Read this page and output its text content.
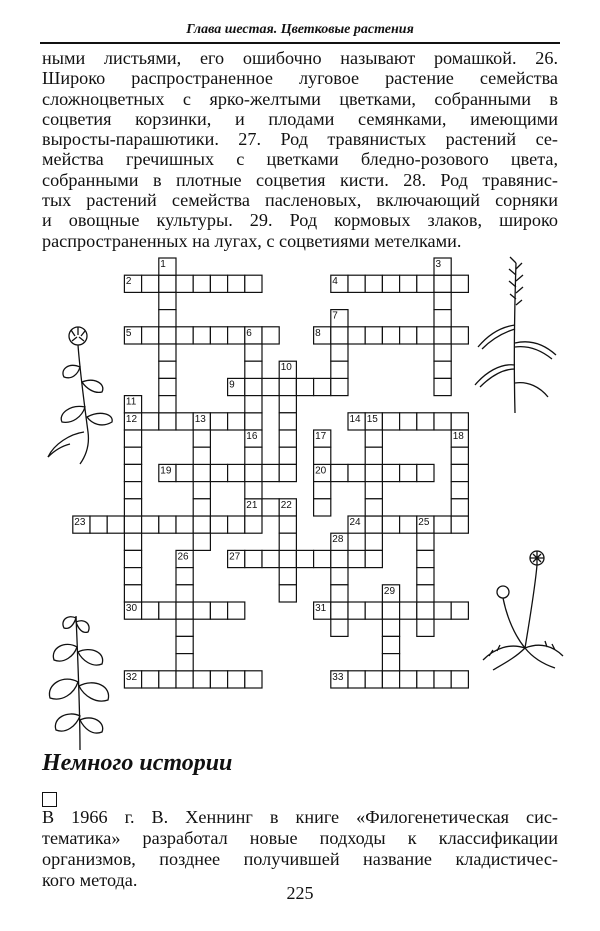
Глава шестая. Цветковые растения

ными листьями, его ошибочно называют ромашкой. 26.
Широко распространенное луговое растение семейства
сложноцветных с ярко-желтыми цветками, собранными в
соцветия корзинки, и плодами семянками, имеющими
выросты-парашютики. 27. Род травянистых растений се-
мейства гречишных с цветками бледно-розового цвета,
собранными в плотные соцветия кисти. 28. Род травянис-
тых растений семейства пасленовых, включающий сорняки
и овощные культуры. 29. Род кормовых злаков, широко
распространенных на лугах, с соцветиями метелками.

2	4
5	8
9
12	14
19	20
21
23	24
27
30	31
32	33
1	3
6
7
10
11
13	15
16	17	18
22
25
26
28
29
Немного истории

В 1966 г. В. Хеннинг в книге «Филогенетическая сис-
тематика» разработал новые подходы к классификации
организмов, позднее получившей название кладистичес-
кого метода.

225
